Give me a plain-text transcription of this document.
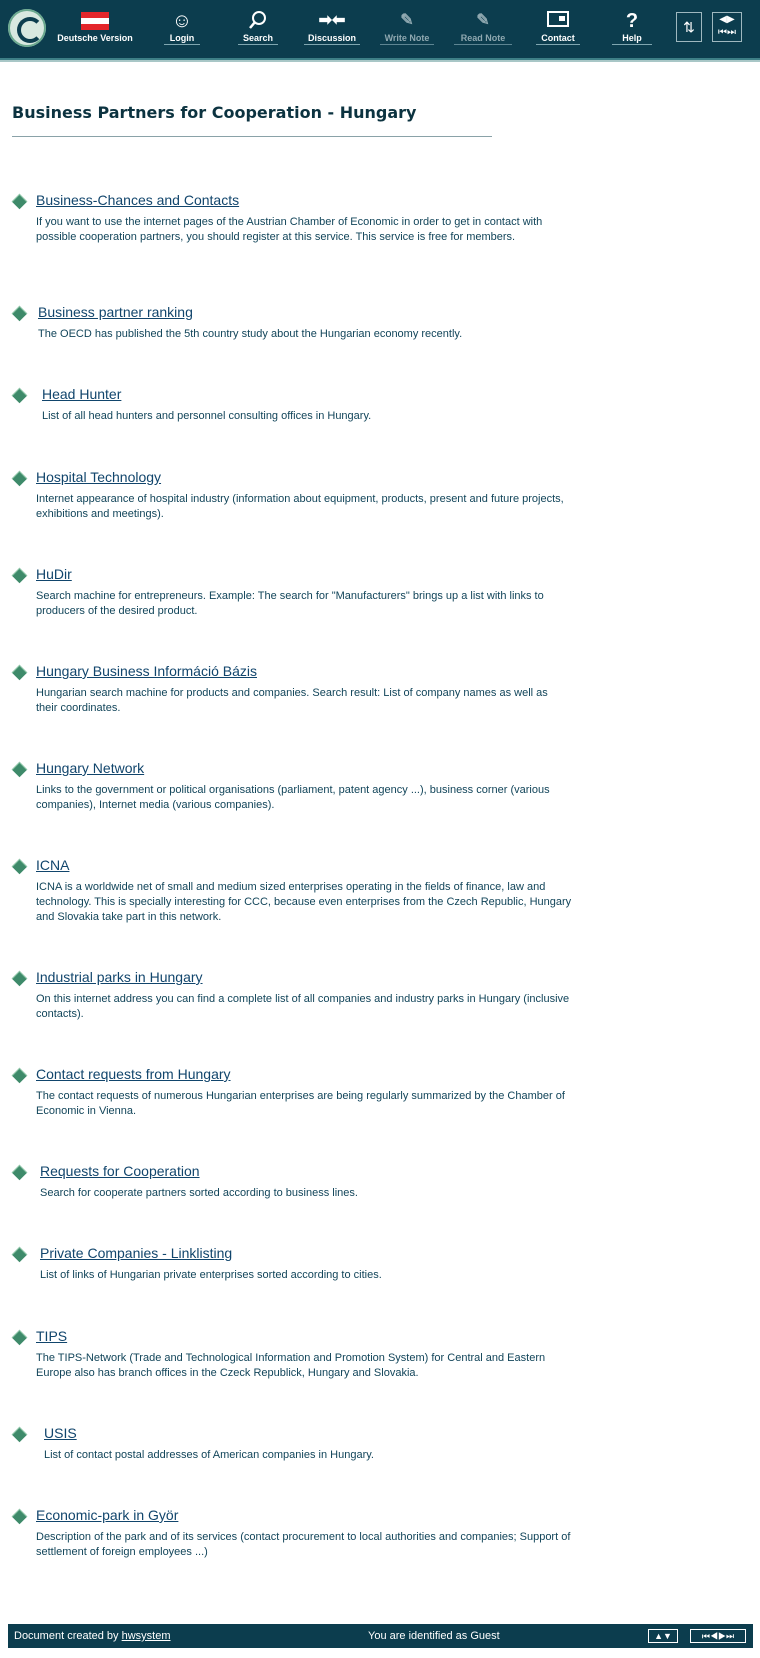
Deutsche Version
☺
Login	Search
➡⬅
Discussion
✎
Write Note
✎
Read Note	Contact
?
Help
⇅	◀▶
⏮⏭
Business Partners for Cooperation - Hungary
Business-Chances and Contacts

If you want to use the internet pages of the Austrian Chamber of Economic in order to get in contact with possible cooperation partners, you should register at this service. This service is free for members.

Business partner ranking

The OECD has published the 5th country study about the Hungarian economy recently.

Head Hunter

List of all head hunters and personnel consulting offices in Hungary.

Hospital Technology

Internet appearance of hospital industry (information about equipment, products, present and future projects, exhibitions and meetings).

HuDir

Search machine for entrepreneurs. Example: The search for "Manufacturers" brings up a list with links to producers of the desired product.

Hungary Business Információ Bázis

Hungarian search machine for products and companies. Search result: List of company names as well as their coordinates.

Hungary Network

Links to the government or political organisations (parliament, patent agency ...), business corner (various companies), Internet media (various companies).

ICNA

ICNA is a worldwide net of small and medium sized enterprises operating in the fields of finance, law and technology. This is specially interesting for CCC, because even enterprises from the Czech Republic, Hungary and Slovakia take part in this network.

Industrial parks in Hungary

On this internet address you can find a complete list of all companies and industry parks in Hungary (inclusive contacts).

Contact requests from Hungary

The contact requests of numerous Hungarian enterprises are being regularly summarized by the Chamber of Economic in Vienna.

Requests for Cooperation

Search for cooperate partners sorted according to business lines.

Private Companies - Linklisting

List of links of Hungarian private enterprises sorted according to cities.

TIPS

The TIPS-Network (Trade and Technological Information and Promotion System) for Central and Eastern Europe also has branch offices in the Czeck Republick, Hungary and Slovakia.

USIS

List of contact postal addresses of American companies in Hungary.

Economic-park in Györ

Description of the park and of its services (contact procurement to local authorities and companies; Support of settlement of foreign employees ...)

Document created by hwsystem	You are identified as Guest	▲▼	⏮◀▶⏭
